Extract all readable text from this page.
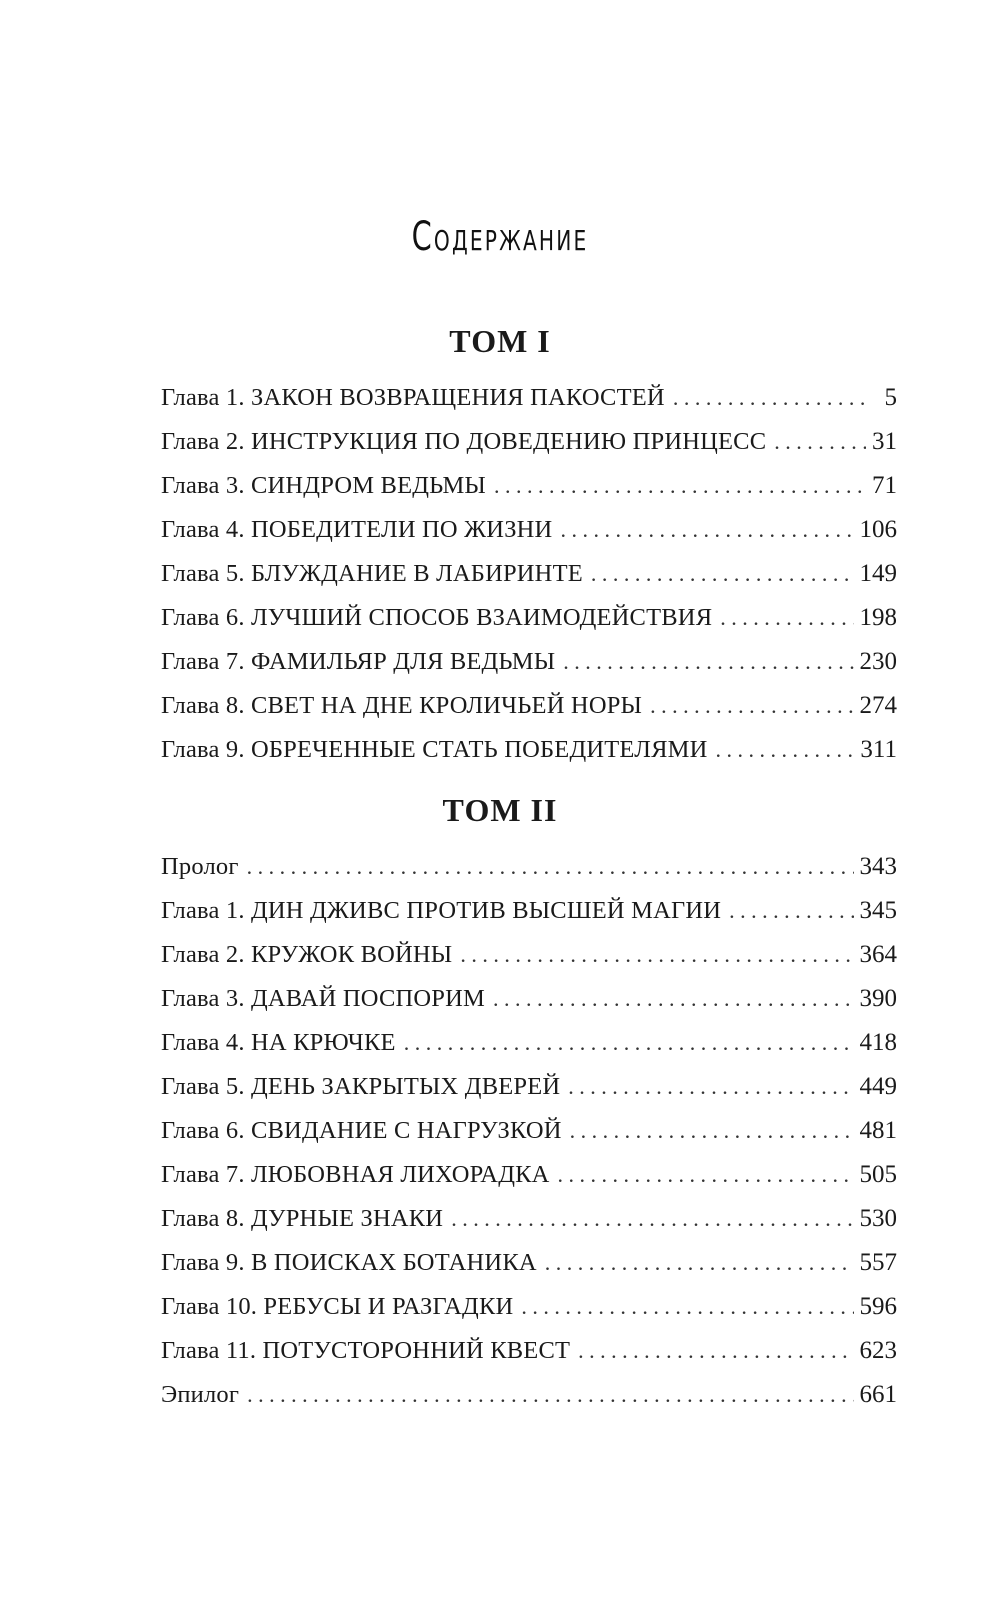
Содержание
ТОМ I
Глава 1. ЗАКОН ВОЗВРАЩЕНИЯ ПАКОСТЕЙ . . .	5
Глава 2. ИНСТРУКЦИЯ ПО ДОВЕДЕНИЮ ПРИНЦЕСС . . .	31
Глава 3. СИНДРОМ ВЕДЬМЫ . . .	71
Глава 4. ПОБЕДИТЕЛИ ПО ЖИЗНИ . . .	106
Глава 5. БЛУЖДАНИЕ В ЛАБИРИНТЕ . . .	149
Глава 6. ЛУЧШИЙ СПОСОБ ВЗАИМОДЕЙСТВИЯ . . .	198
Глава 7. ФАМИЛЬЯР ДЛЯ ВЕДЬМЫ . . .	230
Глава 8. СВЕТ НА ДНЕ КРОЛИЧЬЕЙ НОРЫ . . .	274
Глава 9. ОБРЕЧЕННЫЕ СТАТЬ ПОБЕДИТЕЛЯМИ . . .	311
ТОМ II
Пролог . . .	343
Глава 1. ДИН ДЖИВС ПРОТИВ ВЫСШЕЙ МАГИИ . . .	345
Глава 2. КРУЖОК ВОЙНЫ . . .	364
Глава 3. ДАВАЙ ПОСПОРИМ . . .	390
Глава 4. НА КРЮЧКЕ . . .	418
Глава 5. ДЕНЬ ЗАКРЫТЫХ ДВЕРЕЙ . . .	449
Глава 6. СВИДАНИЕ С НАГРУЗКОЙ . . .	481
Глава 7. ЛЮБОВНАЯ ЛИХОРАДКА . . .	505
Глава 8. ДУРНЫЕ ЗНАКИ . . .	530
Глава 9. В ПОИСКАХ БОТАНИКА . . .	557
Глава 10. РЕБУСЫ И РАЗГАДКИ . . .	596
Глава 11. ПОТУСТОРОННИЙ КВЕСТ . . .	623
Эпилог . . .	661
